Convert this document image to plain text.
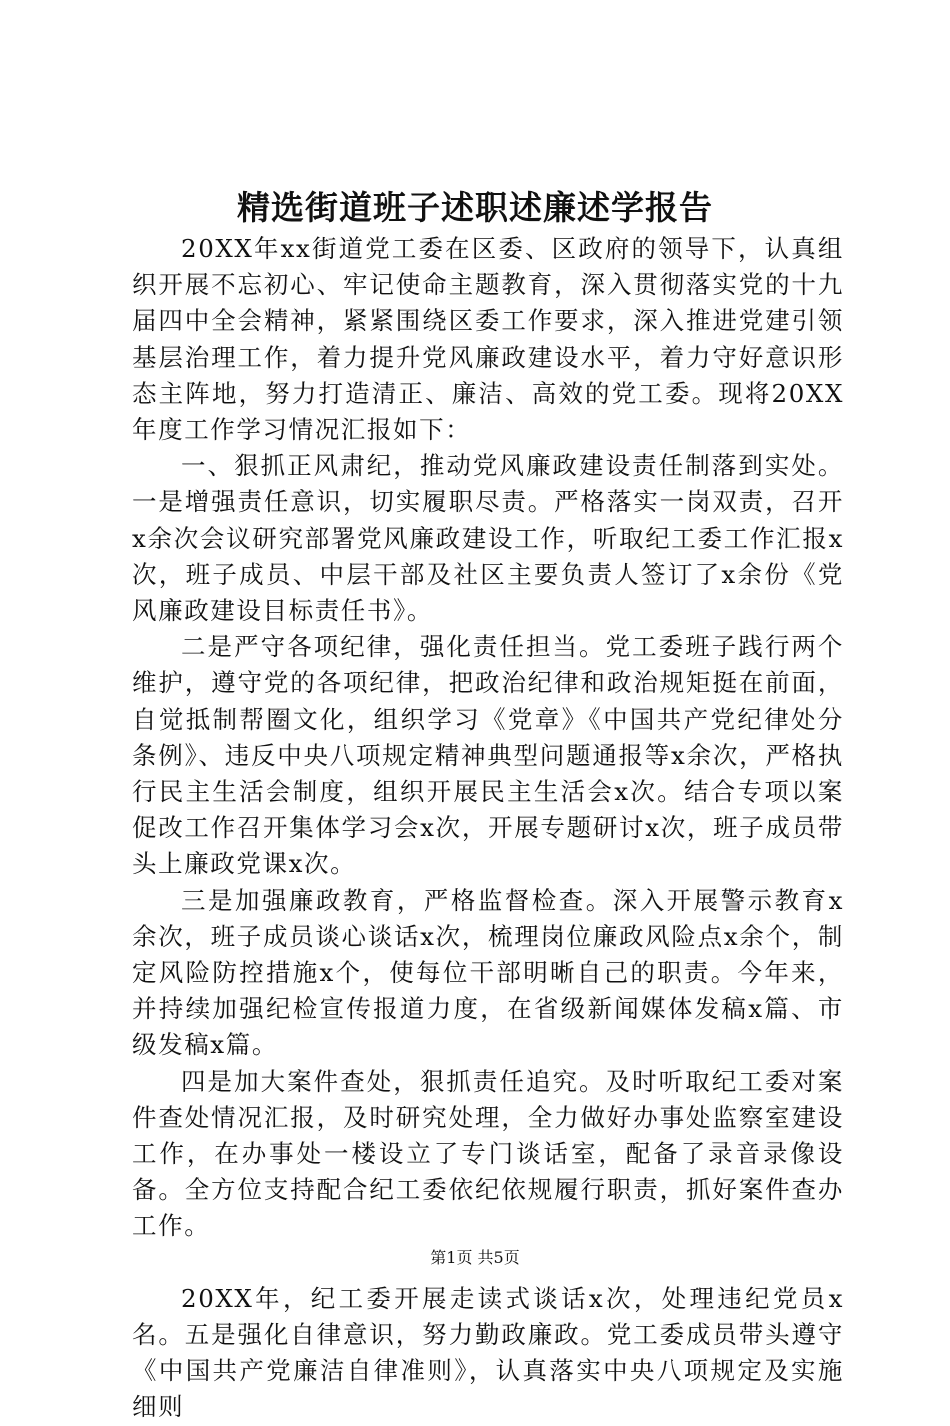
精选街道班子述职述廉述学报告

20XX年xx街道党工委在区委、区政府的领导下，认真组织开展不忘初心、牢记使命主题教育，深入贯彻落实党的十九届四中全会精神，紧紧围绕区委工作要求，深入推进党建引领基层治理工作，着力提升党风廉政建设水平，着力守好意识形态主阵地，努力打造清正、廉洁、高效的党工委。现将20XX年度工作学习情况汇报如下：

一、狠抓正风肃纪，推动党风廉政建设责任制落到实处。一是增强责任意识，切实履职尽责。严格落实一岗双责，召开x余次会议研究部署党风廉政建设工作，听取纪工委工作汇报x次，班子成员、中层干部及社区主要负责人签订了x余份《党风廉政建设目标责任书》。

二是严守各项纪律，强化责任担当。党工委班子践行两个维护，遵守党的各项纪律，把政治纪律和政治规矩挺在前面，自觉抵制帮圈文化，组织学习《党章》《中国共产党纪律处分条例》、违反中央八项规定精神典型问题通报等x余次，严格执行民主生活会制度，组织开展民主生活会x次。结合专项以案促改工作召开集体学习会x次，开展专题研讨x次，班子成员带头上廉政党课x次。

三是加强廉政教育，严格监督检查。深入开展警示教育x余次，班子成员谈心谈话x次，梳理岗位廉政风险点x余个，制定风险防控措施x个，使每位干部明晰自己的职责。今年来，并持续加强纪检宣传报道力度，在省级新闻媒体发稿x篇、市级发稿x篇。

四是加大案件查处，狠抓责任追究。及时听取纪工委对案件查处情况汇报，及时研究处理，全力做好办事处监察室建设工作，在办事处一楼设立了专门谈话室，配备了录音录像设备。全方位支持配合纪工委依纪依规履行职责，抓好案件查办工作。

20XX年，纪工委开展走读式谈话x次，处理违纪党员x名。五是强化自律意识，努力勤政廉政。党工委成员带头遵守《中国共产党廉洁自律准则》，认真落实中央八项规定及实施细则

第1页 共5页
